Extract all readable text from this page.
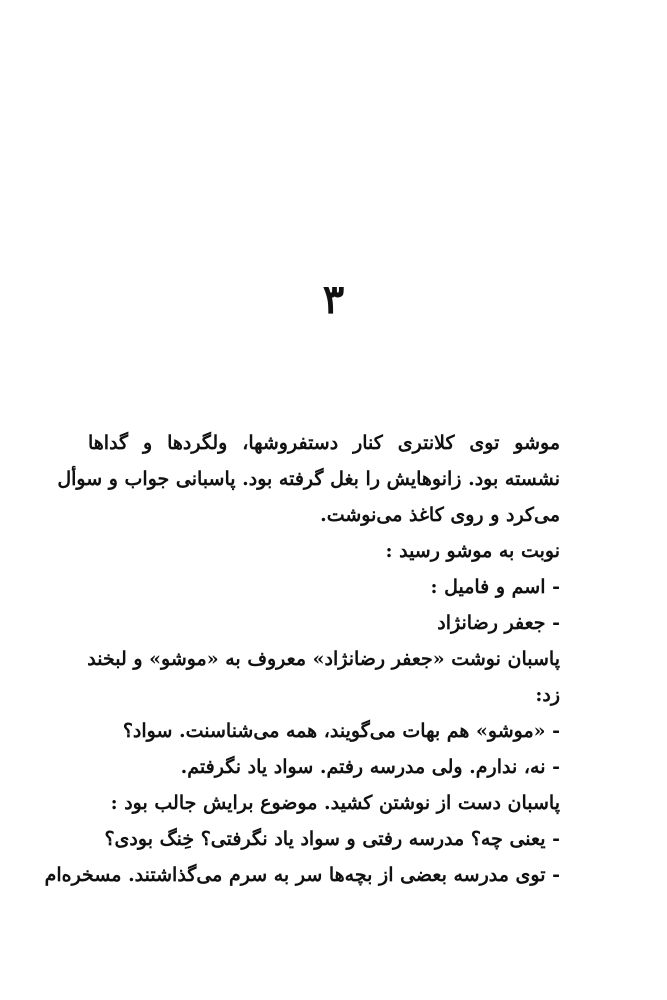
۳
موشو توی کلانتری کنار دستفروشها، ولگردها و گداها
نشسته بود. زانوهایش را بغل گرفته بود. پاسبانی جواب و سوأل
می‌کرد و روی کاغذ می‌نوشت.
نوبت به موشو رسید :
- اسم و فامیل :
- جعفر رضانژاد
پاسبان نوشت «جعفر رضانژاد» معروف به «موشو» و لبخند
زد:
- «موشو» هم بهات می‌گویند، همه می‌شناسنت. سواد؟
- نه، ندارم. ولی مدرسه رفتم. سواد یاد نگرفتم.
پاسبان دست از نوشتن کشید. موضوع برایش جالب بود :
- یعنی چه؟ مدرسه رفتی و سواد یاد نگرفتی؟ خِنگ بودی؟
- توی مدرسه بعضی از بچه‌ها سر به سرم می‌گذاشتند. مسخره‌ام
